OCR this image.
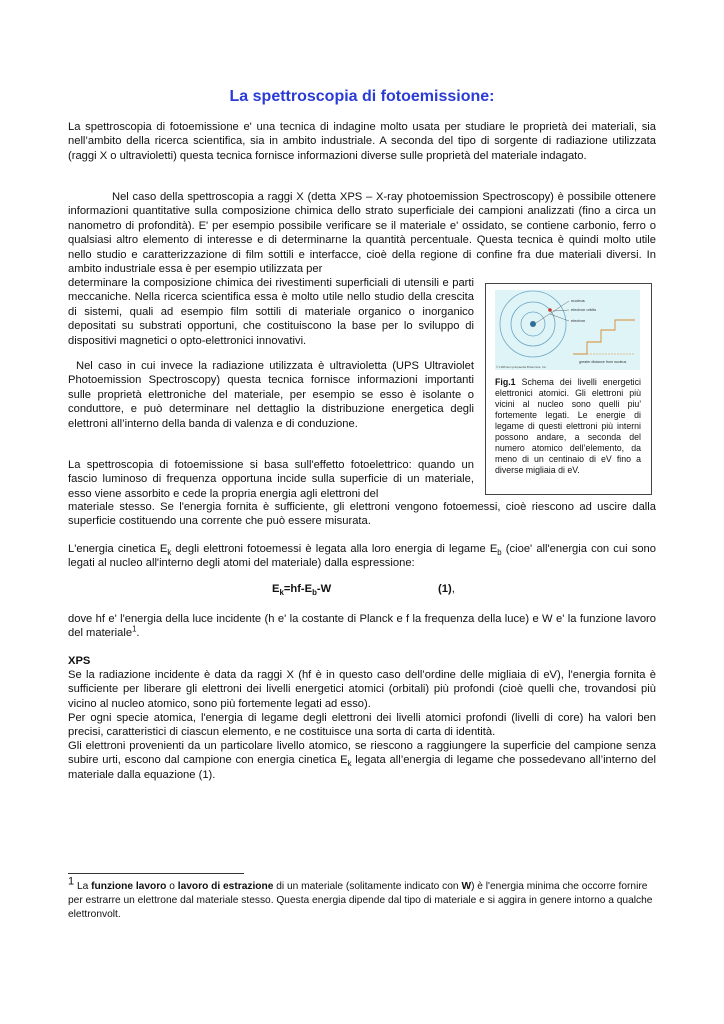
La spettroscopia di fotoemissione:
La spettroscopia di fotoemissione e' una tecnica di indagine molto usata per studiare le proprietà dei materiali, sia nell’ambito della ricerca scientifica, sia in ambito industriale. A seconda del tipo di sorgente di radiazione utilizzata (raggi X o ultravioletti) questa tecnica fornisce informazioni diverse sulle proprietà del materiale indagato.
Nel caso della spettroscopia a raggi X (detta XPS – X-ray photoemission Spectroscopy) è possibile ottenere informazioni quantitative sulla composizione chimica dello strato superficiale dei campioni analizzati (fino a circa un nanometro di profondità). E' per esempio possibile verificare se il materiale e' ossidato, se contiene carbonio, ferro o qualsiasi altro elemento di interesse e di determinarne la quantità percentuale. Questa tecnica è quindi molto utile nello studio e caratterizzazione di film sottili e interfacce, cioè della regione di confine fra due materiali diversi. In ambito industriale essa è per esempio utilizzata per
determinare la composizione chimica dei rivestimenti superficiali di utensili e parti meccaniche. Nella ricerca scientifica essa è molto utile nello studio della crescita di sistemi, quali ad esempio film sottili di materiale organico o inorganico depositati su substrati opportuni, che costituiscono la base per lo sviluppo di dispositivi magnetici o opto-elettronici innovativi.
Nel caso in cui invece la radiazione utilizzata è ultravioletta (UPS Ultraviolet Photoemission Spectroscopy) questa tecnica fornisce informazioni importanti sulle proprietà elettroniche del materiale, per esempio se esso è isolante o conduttore, e può determinare nel dettaglio la distribuzione energetica degli elettroni all’interno della banda di valenza e di conduzione.
La spettroscopia di fotoemissione si basa sull'effetto fotoelettrico: quando un fascio luminoso di frequenza opportuna incide sulla superficie di un materiale, esso viene assorbito e cede la propria energia agli elettroni del
materiale stesso. Se l'energia fornita è sufficiente, gli elettroni vengono fotoemessi, cioè riescono ad uscire dalla superficie costituendo una corrente che può essere misurata.
L'energia cinetica $E_k$ degli elettroni fotoemessi è legata alla loro energia di legame $E_b$ (cioe' all'energia con cui sono legati al nucleo all'interno degli atomi del materiale) dalla espressione:
$E_k=hf-E_b-W$	(1),
dove hf e' l'energia della luce incidente (h e' la costante di Planck e f la frequenza della luce) e W e' la funzione lavoro del materiale$^1$.
XPS
Se la radiazione incidente è data da raggi X (hf è in questo caso dell’ordine delle migliaia di eV), l'energia fornita è sufficiente per liberare gli elettroni dei livelli energetici atomici (orbitali) più profondi (cioè quelli che, trovandosi più vicino al nucleo atomico, sono più fortemente legati ad esso).
Per ogni specie atomica, l'energia di legame degli elettroni dei livelli atomici profondi (livelli di core) ha valori ben precisi, caratteristici di ciascun elemento, e ne costituisce una sorta di carta di identità.
Gli elettroni provenienti da un particolare livello atomico, se riescono a raggiungere la superficie del campione senza subire urti, escono dal campione con energia cinetica $E_k$ legata all’energia di legame che possedevano all’interno del materiale dalla equazione (1).
nucleus
electron orbits
electron
greater distance from nucleus
© 1996 Encyclopaedia Britannica, Inc.
Fig.1 Schema dei livelli energetici elettronici atomici. Gli elettroni più vicini al nucleo sono quelli piu' fortemente legati. Le energie di legame di questi elettroni più interni possono andare, a seconda del numero atomico dell’elemento, da meno di un centinaio di eV fino a diverse migliaia di eV.
$^1$ La funzione lavoro o lavoro di estrazione di un materiale (solitamente indicato con W) è l'energia minima che occorre fornire per estrarre un elettrone dal materiale stesso. Questa energia dipende dal tipo di materiale e si aggira in genere intorno a qualche elettronvolt.
